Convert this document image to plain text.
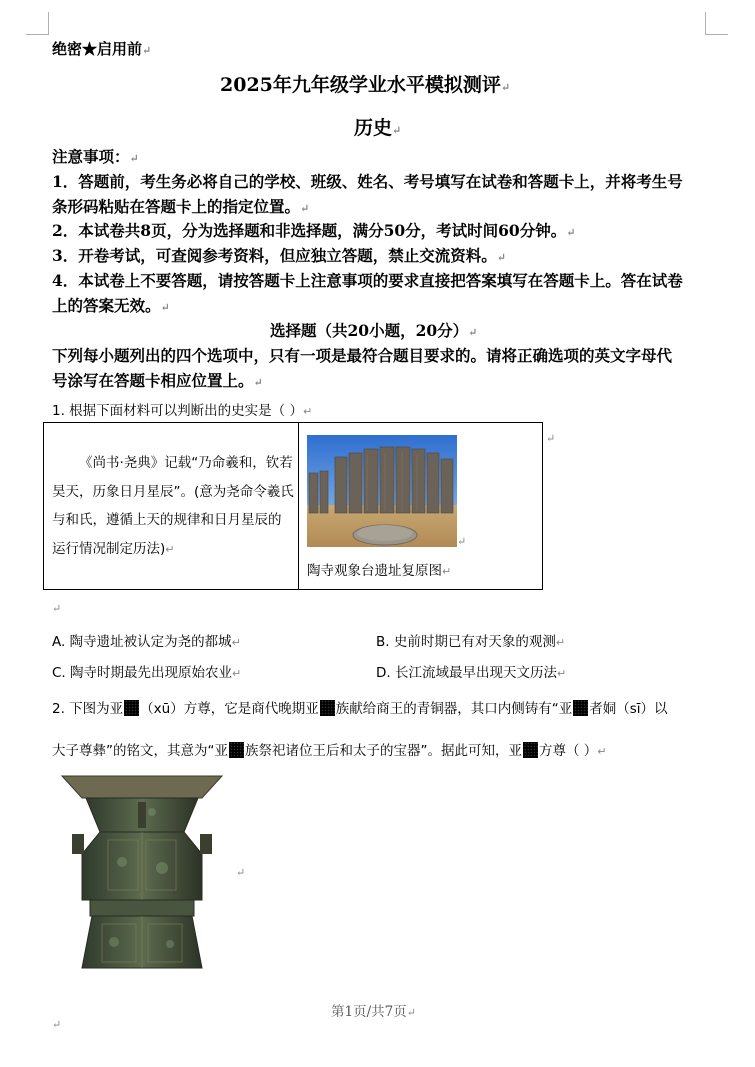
绝密★启用前↵
2025年九年级学业水平模拟测评↵
历史↵
注意事项：↵
1．答题前，考生务必将自己的学校、班级、姓名、考号填写在试卷和答题卡上，并将考生号
条形码粘贴在答题卡上的指定位置。↵
2．本试卷共8页，分为选择题和非选择题，满分50分，考试时间60分钟。↵
3．开卷考试，可查阅参考资料，但应独立答题，禁止交流资料。↵
4．本试卷上不要答题，请按答题卡上注意事项的要求直接把答案填写在答题卡上。答在试卷
上的答案无效。↵
选择题（共20小题，20分）↵
下列每小题列出的四个选项中，只有一项是最符合题目要求的。请将正确选项的英文字母代
号涂写在答题卡相应位置上。↵
1. 根据下面材料可以判断出的史实是（ ）↵
《尚书·尧典》记载“乃命羲和，钦若昊天，历象日月星辰”。(意为尧命令羲氏与和氏，遵循上天的规律和日月星辰的运行情况制定历法)↵

↵
陶寺观象台遗址复原图↵
↵
↵
A. 陶寺遗址被认定为尧的都城↵	B. 史前时期已有对天象的观测↵
C. 陶寺时期最先出现原始农业↵	D. 长江流域最早出现天文历法↵
2. 下图为亚 （xū）方尊，它是商代晚期亚 族献给商王的青铜器，其口内侧铸有“亚 者姛（sī）以
大子尊彝”的铭文，其意为“亚 族祭祀诸位王后和太子的宝器”。据此可知，亚 方尊（ ）↵
↵
第1页/共7页↵
↵
